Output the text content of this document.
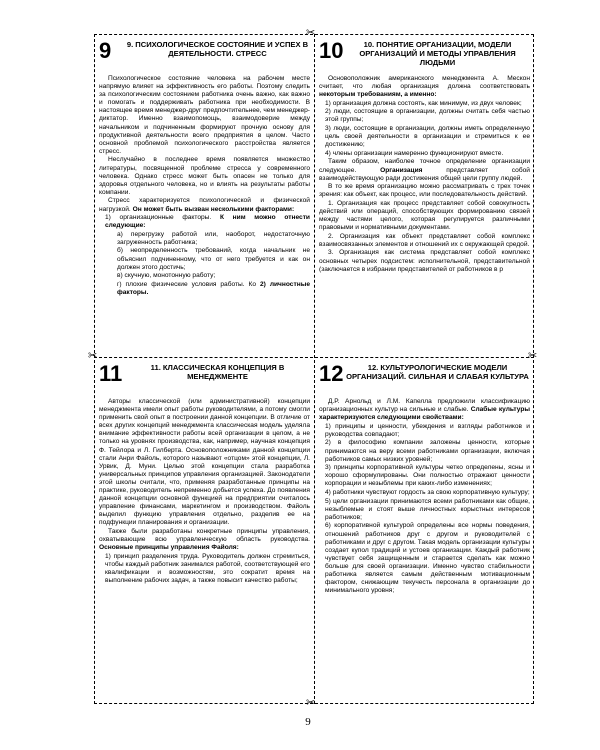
✂
✂	✂
✂
9 9. ПСИХОЛОГИЧЕСКОЕ СОСТОЯНИЕ И УСПЕХ В ДЕЯТЕЛЬНОСТИ. СТРЕСС

Психологическое состояние человека на рабочем месте напрямую влияет на эффективность его работы. Поэтому следить за психологическим состоянием работника очень важно, как важно и помогать и поддерживать работника при необходимости. В настоящее время менеджер-друг предпочтительнее, чем менеджер-диктатор. Именно взаимопомощь, взаимодоверие между начальником и подчиненным формируют прочную основу для продуктивной деятельности всего предприятия в целом. Часто основной проблемой психологического расстройства является стресс.

Неслучайно в последнее время появляется множество литературы, посвященной проблеме стресса у современного человека. Однако стресс может быть опасен не только для здоровья отдельного человека, но и влиять на результаты работы компании.

Стресс характеризуется психологической и физической нагрузкой. Он может быть вызван несколькими факторами:

1) организационные факторы. К ним можно отнести следующие:

а) перегрузку работой или, наоборот, недостаточную загруженность работника;

б) неопределенность требований, когда начальник не объяснил подчиненному, что от него требуется и как он должен этого достичь;

в) скучную, монотонную работу;

г) плохие физические условия работы. Ко 2) личностные факторы.

10	10. ПОНЯТИЕ ОРГАНИЗАЦИИ, МОДЕЛИ ОРГАНИЗАЦИЙ И МЕТОДЫ УПРАВЛЕНИЯ ЛЮДЬМИ

Основоположник американского менеджмента А. Мескон считает, что любая организация должна соответствовать некоторым требованиям, а именно:

1) организация должна состоять, как минимум, из двух человек;

2) люди, состоящие в организации, должны считать себя частью этой группы;

3) люди, состоящие в организации, должны иметь определенную цель своей деятельности в организации и стремиться к ее достижению;

4) члены организации намеренно функционируют вместе.

Таким образом, наиболее точное определение организации следующее.	Организация	представляет собой взаимодействующую ради достижения общей цели группу людей.

В то же время организацию можно рассматривать с трех точек зрения: как объект, как процесс, или последовательность действий.

1. Организация как процесс представляет собой совокупность действий или операций, способствующих формированию связей между частями целого, которая регулируется различными правовыми и нормативными документами.

2. Организация как объект представляет собой комплекс взаимосвязанных элементов и отношений их с окружающей средой.

3. Организация как система представляет собой комплекс основных четырех подсистем: исполнительной, представительной (заключается в избрании представителей от работников в р

11	11. КЛАССИЧЕСКАЯ КОНЦЕПЦИЯ В МЕНЕДЖМЕНТЕ

Авторы классической (или административной) концепции менеджмента имели опыт работы руководителями, а потому смогли применить свой опыт в построении данной концепции. В отличие от всех других концепций менеджмента классическая модель уделяла внимание эффективности работы всей организации в целом, а не только на уровнях производства, как, например, научная концепция Ф. Тейлора и Л. Гилберта. Основоположниками данной концепции стали Анри Файоль, которого называют «отцом» этой концепции, Л. Урвик, Д. Муни. Целью этой концепции стала разработка универсальных принципов управления организацией. Законодатели этой школы считали, что, применяя разработанные принципы на практике, руководитель непременно добьется успеха. До появления данной концепции основной функцией на предприятии считалось управление финансами, маркетингом и производством. Файоль выделил функцию управления отдельно, разделив ее на подфункции планирования и организации.

Также были разработаны конкретные принципы управления, охватывающие всю управленческую область руководства. Основные принципы управления Файоля:

1) принцип разделения труда. Руководитель должен стремиться, чтобы каждый работник занимался работой, соответствующей его квалификации и возможностям, это сократит время на выполнение рабочих задач, а также повысит качество работы;

12	12. КУЛЬТУРОЛОГИЧЕСКИЕ МОДЕЛИ ОРГАНИЗАЦИЙ. СИЛЬНАЯ И СЛАБАЯ КУЛЬТУРА

Д.Р. Арнольд и Л.М. Капелла предложили классификацию организационных культур на сильные и слабые. Слабые культуры характеризуются следующими свойствами:

1) принципы и ценности, убеждения и взгляды работников и руководства совпадают;

2) в философию компании заложены ценности, которые принимаются на веру всеми работниками организации, включая работников самых низких уровней;

3) принципы корпоративной культуры четко определены, ясны и хорошо сформулированы. Они полностью отражают ценности корпорации и незыблемы при каких-либо изменениях;

4) работники чувствуют гордость за свою корпоративную культуру;

5) цели организации принимаются всеми работниками как общие, незыблемые и стоят выше личностных корыстных интересов работников;

6) корпоративной культурой определены все нормы поведения, отношений работников друг с другом и руководителей с работниками и друг с другом. Такая модель организации культуры создает купол традиций и устоев организации. Каждый работник чувствует себя защищенным и старается сделать как можно больше для своей организации. Именно чувство стабильности работника является самым действенным мотивационным фактором, снижающим текучесть персонала в организации до минимального уровня;

9
